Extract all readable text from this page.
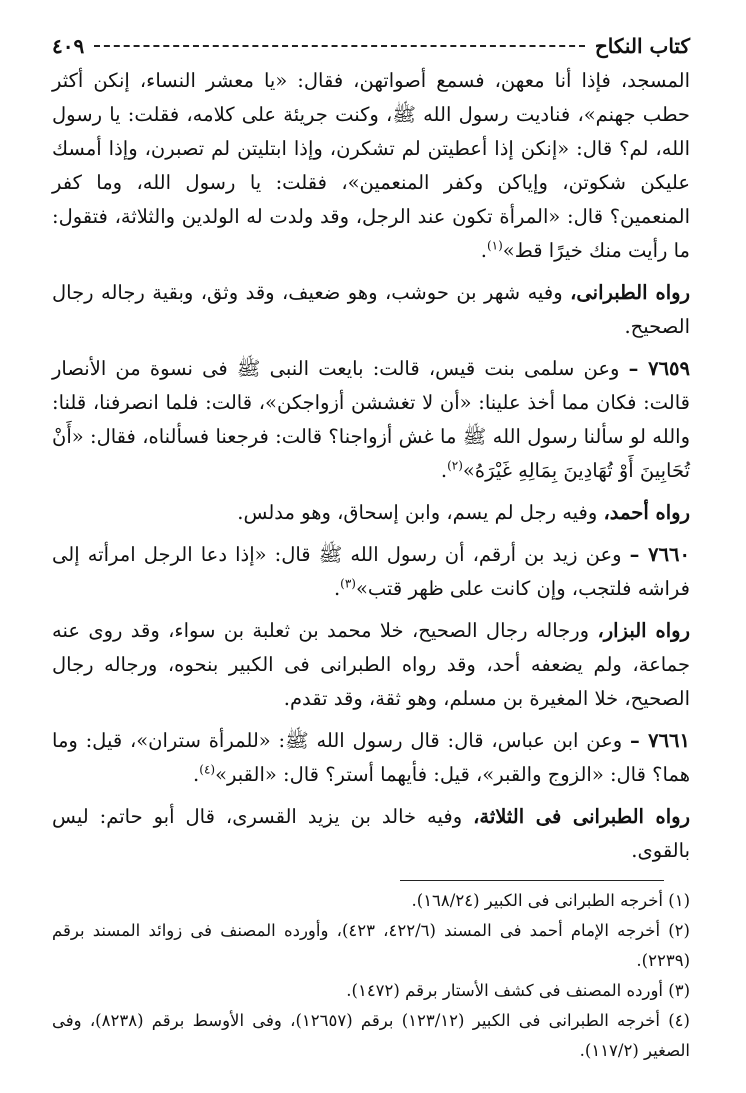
كتاب النكاح
٤٠٩

المسجد، فإذا أنا معهن، فسمع أصواتهن، فقال: «يا معشر النساء، إنكن أكثر حطب جهنم»، فناديت رسول الله ﷺ، وكنت جريئة على كلامه، فقلت: يا رسول الله، لم؟ قال: «إنكن إذا أعطيتن لم تشكرن، وإذا ابتليتن لم تصبرن، وإذا أمسك عليكن شكوتن، وإياكن وكفر المنعمين»، فقلت: يا رسول الله، وما كفر المنعمين؟ قال: «المرأة تكون عند الرجل، وقد ولدت له الولدين والثلاثة، فتقول: ما رأيت منك خيرًا قط»$^{(١)}$.

رواه الطبرانى، وفيه شهر بن حوشب، وهو ضعيف، وقد وثق، وبقية رجاله رجال الصحيح.

٧٦٥٩ – وعن سلمى بنت قيس، قالت: بايعت النبى ﷺ فى نسوة من الأنصار قالت: فكان مما أخذ علينا: «أن لا تغششن أزواجكن»، قالت: فلما انصرفنا، قلنا: والله لو سألنا رسول الله ﷺ ما غش أزواجنا؟ قالت: فرجعنا فسألناه، فقال: «أَنْ تُحَابِينَ أَوْ تُهَادِينَ بِمَالِهِ غَيْرَهُ»$^{(٢)}$.

رواه أحمد، وفيه رجل لم يسم، وابن إسحاق، وهو مدلس.

٧٦٦٠ – وعن زيد بن أرقم، أن رسول الله ﷺ قال: «إذا دعا الرجل امرأته إلى فراشه فلتجب، وإن كانت على ظهر قتب»$^{(٣)}$.

رواه البزار، ورجاله رجال الصحيح، خلا محمد بن ثعلبة بن سواء، وقد روى عنه جماعة، ولم يضعفه أحد، وقد رواه الطبرانى فى الكبير بنحوه، ورجاله رجال الصحيح، خلا المغيرة بن مسلم، وهو ثقة، وقد تقدم.

٧٦٦١ – وعن ابن عباس، قال: قال رسول الله ﷺ: «للمرأة ستران»، قيل: وما هما؟ قال: «الزوج والقبر»، قيل: فأيهما أستر؟ قال: «القبر»$^{(٤)}$.

رواه الطبرانى فى الثلاثة، وفيه خالد بن يزيد القسرى، قال أبو حاتم: ليس بالقوى.

(١) أخرجه الطبرانى فى الكبير (١٦٨/٢٤).

(٢) أخرجه الإمام أحمد فى المسند (٤٢٢/٦، ٤٢٣)، وأورده المصنف فى زوائد المسند برقم (٢٢٣٩).

(٣) أورده المصنف فى كشف الأستار برقم (١٤٧٢).

(٤) أخرجه الطبرانى فى الكبير (١٢٣/١٢) برقم (١٢٦٥٧)، وفى الأوسط برقم (٨٢٣٨)، وفى الصغير (١١٧/٢).
